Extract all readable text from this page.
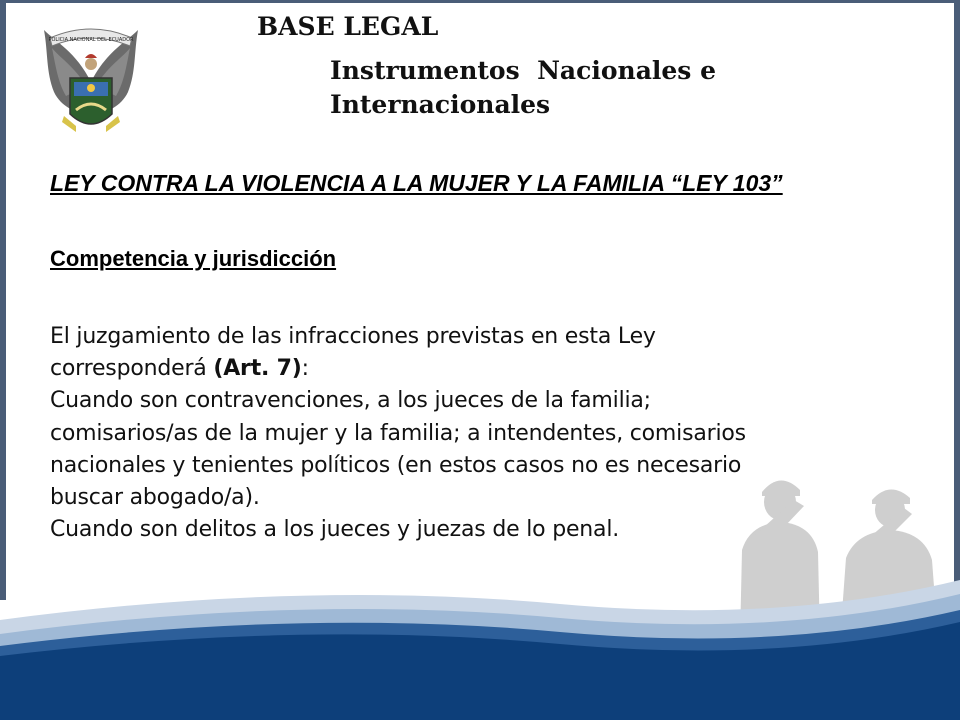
POLICIA NACIONAL DEL ECUADOR	BASE LEGAL
Instrumentos  Nacionales e
Internacionales
LEY CONTRA LA VIOLENCIA A LA MUJER Y LA FAMILIA “LEY 103”
Competencia y jurisdicción
El juzgamiento de las infracciones previstas en esta Ley
corresponderá (Art. 7):
Cuando son contravenciones, a los jueces de la familia;
comisarios/as de la mujer y la familia; a intendentes, comisarios
nacionales y tenientes políticos (en estos casos no es necesario
buscar abogado/a).
Cuando son delitos a los jueces y juezas de lo penal.
